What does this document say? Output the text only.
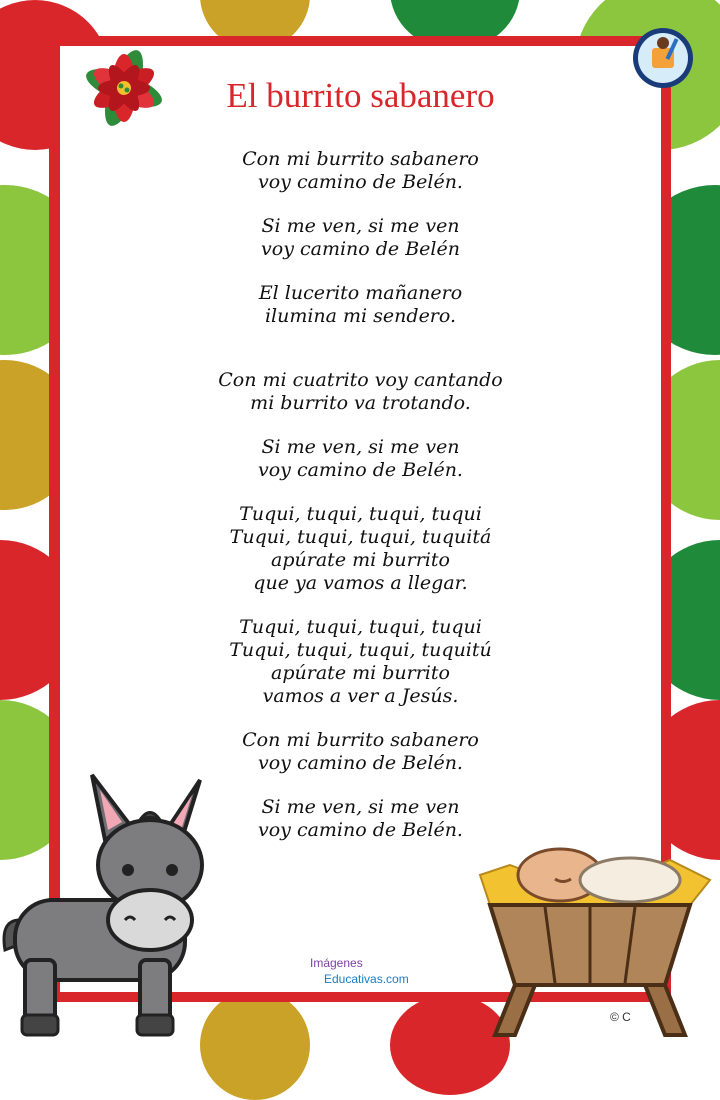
El burrito sabanero
Con mi burrito sabanero
voy camino de Belén.
Si me ven, si me ven
voy camino de Belén
El lucerito mañanero
ilumina mi sendero.
Con mi cuatrito voy cantando
mi burrito va trotando.
Si me ven, si me ven
voy camino de Belén.
Tuqui, tuqui, tuqui, tuqui
Tuqui, tuqui, tuqui, tuquitá
apúrate mi burrito
que ya vamos a llegar.
Tuqui, tuqui, tuqui, tuqui
Tuqui, tuqui, tuqui, tuquitú
apúrate mi burrito
vamos a ver a Jesús.
Con mi burrito sabanero
voy camino de Belén.
Si me ven, si me ven
voy camino de Belén.
Imágenes
Educativas.com
© C
